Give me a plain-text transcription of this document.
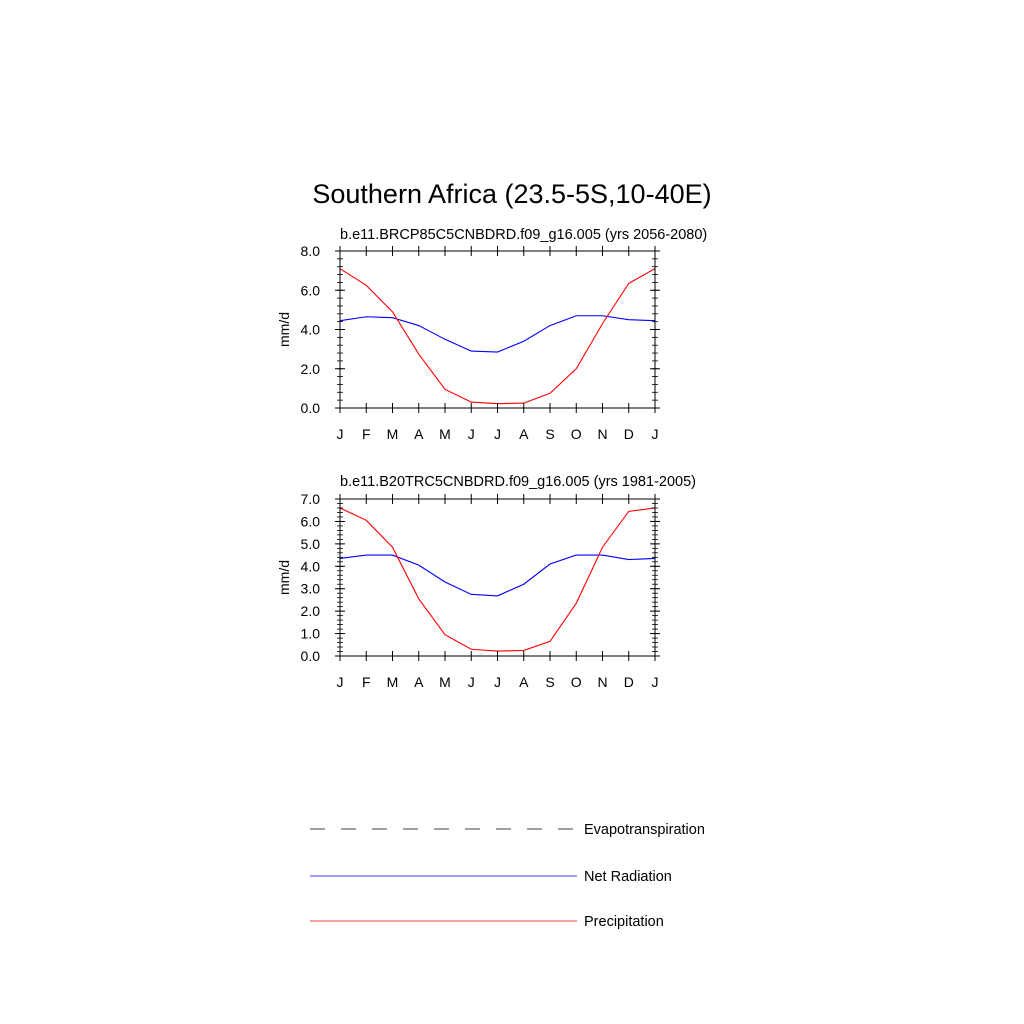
Southern Africa (23.5-5S,10-40E)
b.e11.BRCP85C5CNBDRD.f09_g16.005 (yrs 2056-2080)
mm/d
0.0
2.0
4.0
6.0
8.0
J F M A M J J A S O N D J
b.e11.B20TRC5CNBDRD.f09_g16.005 (yrs 1981-2005)
mm/d
0.0
1.0
2.0
3.0
4.0
5.0
6.0
7.0
J F M A M J J A S O N D J
Evapotranspiration
Net Radiation
Precipitation
